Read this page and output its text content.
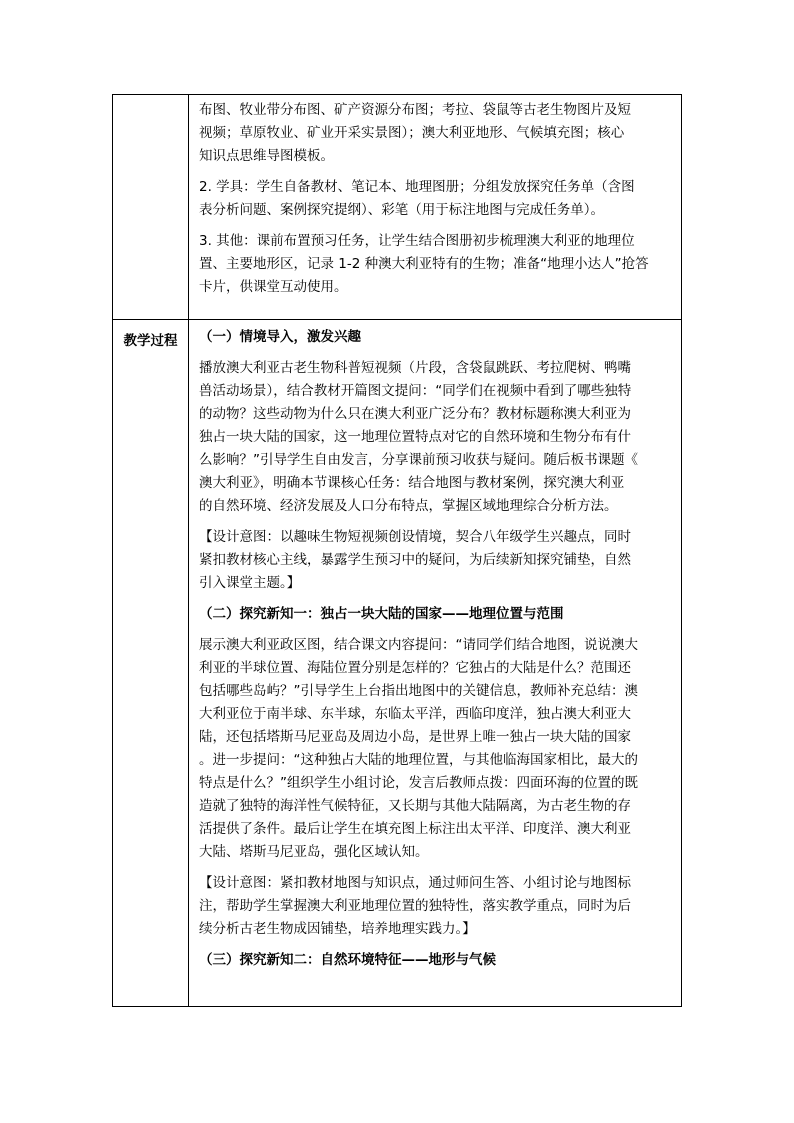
布图、牧业带分布图、矿产资源分布图；考拉、袋鼠等古老生物图片及短
视频；草原牧业、矿业开采实景图）；澳大利亚地形、气候填充图；核心
知识点思维导图模板。

2. 学具：学生自备教材、笔记本、地理图册；分组发放探究任务单（含图
表分析问题、案例探究提纲）、彩笔（用于标注地图与完成任务单）。

3. 其他：课前布置预习任务，让学生结合图册初步梳理澳大利亚的地理位
置、主要地形区，记录 1-2 种澳大利亚特有的生物；准备“地理小达人”抢答
卡片，供课堂互动使用。

教学过程	（一）情境导入，激发兴趣

播放澳大利亚古老生物科普短视频（片段，含袋鼠跳跃、考拉爬树、鸭嘴
兽活动场景），结合教材开篇图文提问：“同学们在视频中看到了哪些独特
的动物？这些动物为什么只在澳大利亚广泛分布？教材标题称澳大利亚为
独占一块大陆的国家，这一地理位置特点对它的自然环境和生物分布有什
么影响？”引导学生自由发言，分享课前预习收获与疑问。随后板书课题《
澳大利亚》，明确本节课核心任务：结合地图与教材案例，探究澳大利亚
的自然环境、经济发展及人口分布特点，掌握区域地理综合分析方法。

【设计意图：以趣味生物短视频创设情境，契合八年级学生兴趣点，同时
紧扣教材核心主线，暴露学生预习中的疑问，为后续新知探究铺垫，自然
引入课堂主题。】

（二）探究新知一：独占一块大陆的国家——地理位置与范围

展示澳大利亚政区图，结合课文内容提问：“请同学们结合地图，说说澳大
利亚的半球位置、海陆位置分别是怎样的？它独占的大陆是什么？范围还
包括哪些岛屿？”引导学生上台指出地图中的关键信息，教师补充总结：澳
大利亚位于南半球、东半球，东临太平洋，西临印度洋，独占澳大利亚大
陆，还包括塔斯马尼亚岛及周边小岛，是世界上唯一独占一块大陆的国家
。进一步提问：“这种独占大陆的地理位置，与其他临海国家相比，最大的
特点是什么？”组织学生小组讨论，发言后教师点拨：四面环海的位置的既
造就了独特的海洋性气候特征，又长期与其他大陆隔离，为古老生物的存
活提供了条件。最后让学生在填充图上标注出太平洋、印度洋、澳大利亚
大陆、塔斯马尼亚岛，强化区域认知。

【设计意图：紧扣教材地图与知识点，通过师问生答、小组讨论与地图标
注，帮助学生掌握澳大利亚地理位置的独特性，落实教学重点，同时为后
续分析古老生物成因铺垫，培养地理实践力。】

（三）探究新知二：自然环境特征——地形与气候
